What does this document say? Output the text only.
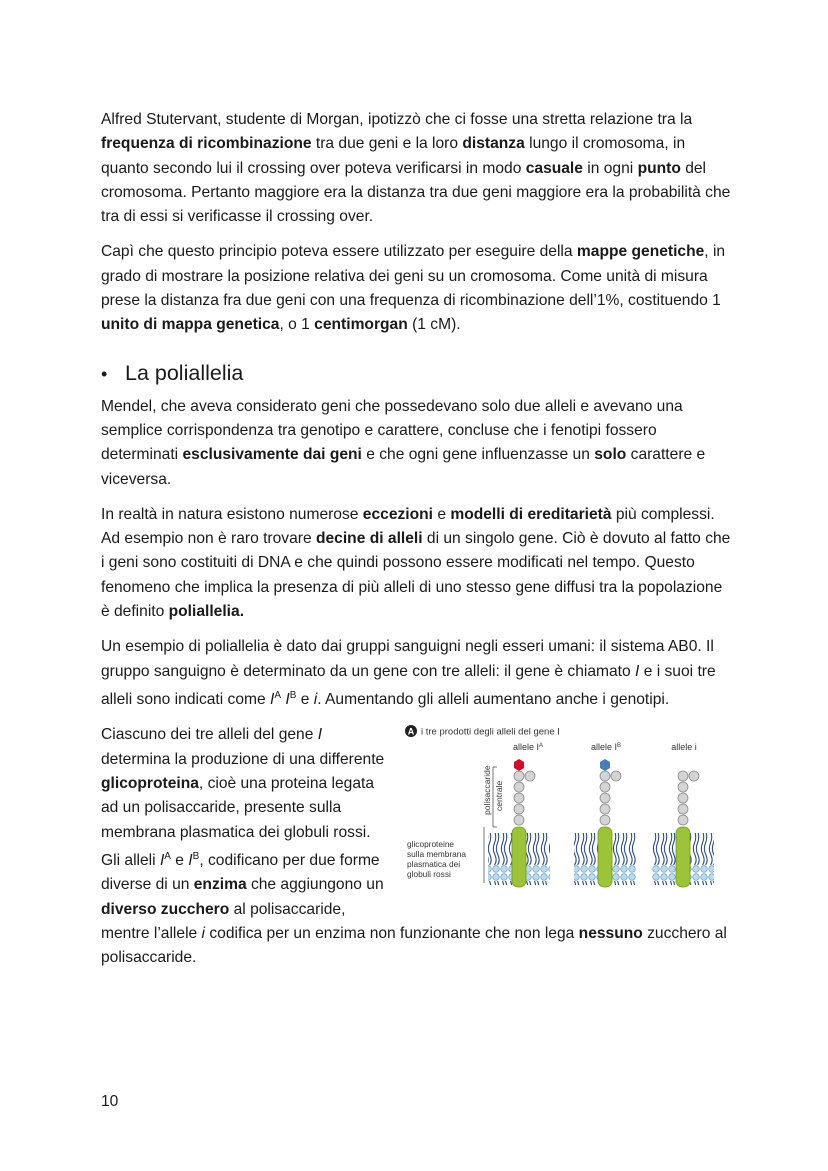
Alfred Stutervant, studente di Morgan, ipotizzò che ci fosse una stretta relazione tra la frequenza di ricombinazione tra due geni e la loro distanza lungo il cromosoma, in quanto secondo lui il crossing over poteva verificarsi in modo casuale in ogni punto del cromosoma. Pertanto maggiore era la distanza tra due geni maggiore era la probabilità che tra di essi si verificasse il crossing over.

Capì che questo principio poteva essere utilizzato per eseguire della mappe genetiche, in grado di mostrare la posizione relativa dei geni su un cromosoma. Come unità di misura prese la distanza fra due geni con una frequenza di ricombinazione dell’1%, costituendo 1 unito di mappa genetica, o 1 centimorgan (1 cM).

• La poliallelia

Mendel, che aveva considerato geni che possedevano solo due alleli e avevano una semplice corrispondenza tra genotipo e carattere, concluse che i fenotipi fossero determinati esclusivamente dai geni e che ogni gene influenzasse un solo carattere e viceversa.

In realtà in natura esistono numerose eccezioni e modelli di ereditarietà più complessi. Ad esempio non è raro trovare decine di alleli di un singolo gene. Ciò è dovuto al fatto che i geni sono costituiti di DNA e che quindi possono essere modificati nel tempo. Questo fenomeno che implica la presenza di più alleli di uno stesso gene diffusi tra la popolazione è definito poliallelia.

Un esempio di poliallelia è dato dai gruppi sanguigni negli esseri umani: il sistema AB0. Il gruppo sanguigno è determinato da un gene con tre alleli: il gene è chiamato I e i suoi tre alleli sono indicati come $I^A$ $I^B$ e i. Aumentando gli alleli aumentano anche i genotipi.

Ciascuno dei tre alleli del gene I determina la produzione di una differente glicoproteina, cioè una proteina legata ad un polisaccaride, presente sulla membrana plasmatica dei globuli rossi. Gli alleli $I^A$ e $I^B$, codificano per due forme diverse di un enzima che aggiungono un diverso zucchero al polisaccaride,

A i tre prodotti degli alleli del gene I
allele $I^A$	allele $I^B$	allele i
polisaccaride centrale
glicoproteine
sulla membrana
plasmatica dei
globuli rossi

mentre l’allele i codifica per un enzima non funzionante che non lega nessuno zucchero al polisaccaride.

10
